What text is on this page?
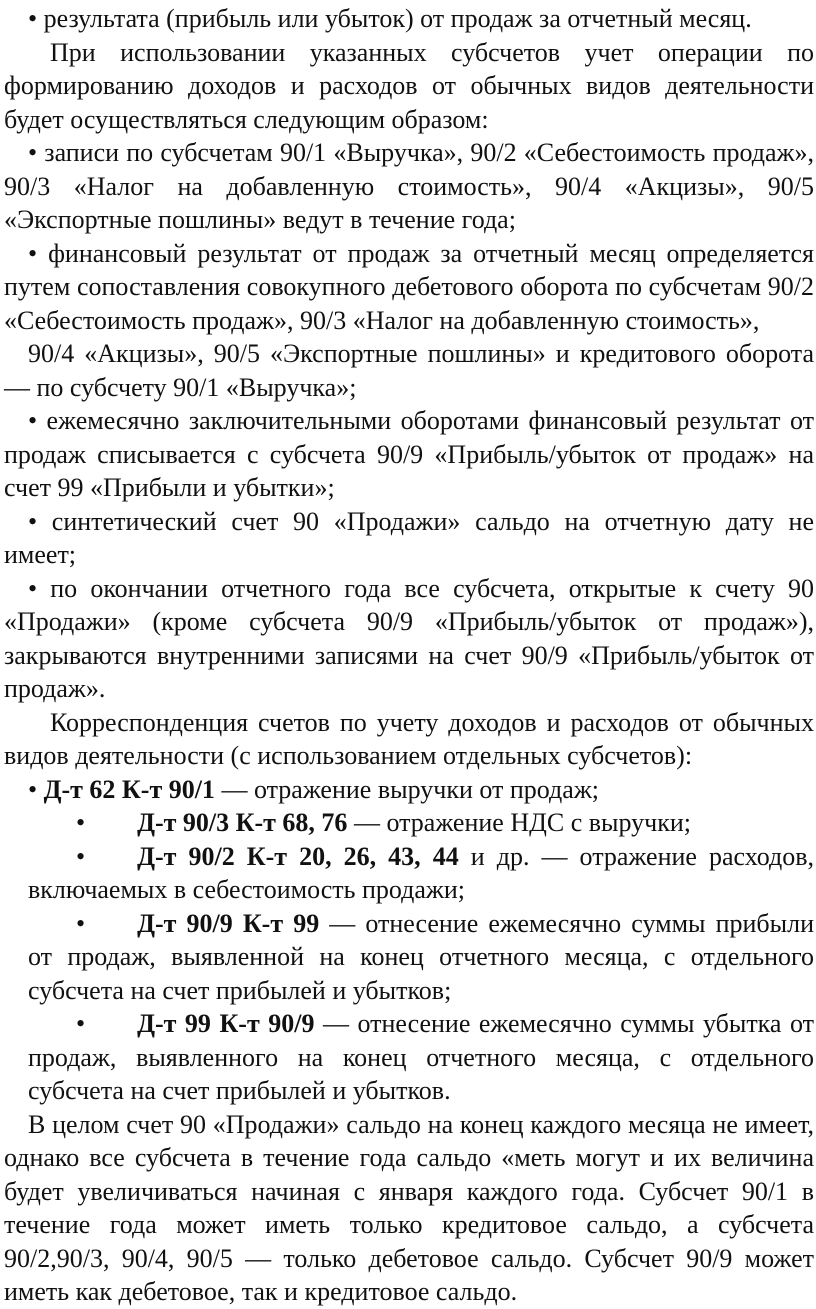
• результата (прибыль или убыток) от продаж за отчетный месяц.

При использовании указанных субсчетов учет операции по формированию доходов и расходов от обычных видов деятельности будет осуществляться следующим образом:

• записи по субсчетам 90/1 «Выручка», 90/2 «Себестоимость продаж», 90/3 «Налог на добавленную стоимость», 90/4 «Акцизы», 90/5 «Экспортные пошлины» ведут в течение года;

• финансовый результат от продаж за отчетный месяц определяется путем сопоставления совокупного дебетового оборота по субсчетам 90/2 «Себестоимость продаж», 90/3 «Налог на добавленную стоимость»,

90/4 «Акцизы», 90/5 «Экспортные пошлины» и кредитового оборота — по субсчету 90/1 «Выручка»;

• ежемесячно заключительными оборотами финансовый результат от продаж списывается с субсчета 90/9 «Прибыль/убыток от продаж» на счет 99 «Прибыли и убытки»;

• синтетический счет 90 «Продажи» сальдо на отчетную дату не имеет;

• по окончании отчетного года все субсчета, открытые к счету 90 «Продажи» (кроме субсчета 90/9 «Прибыль/убыток от продаж»), закрываются внутренними записями на счет 90/9 «Прибыль/убыток от продаж».

Корреспонденция счетов по учету доходов и расходов от обычных видов деятельности (с использованием отдельных субсчетов):

• Д-т 62 К-т 90/1 — отражение выручки от продаж;

• Д-т 90/3 К-т 68, 76 — отражение НДС с выручки;

• Д-т 90/2 К-т 20, 26, 43, 44 и др. — отражение расходов, включаемых в себестоимость продажи;

• Д-т 90/9 К-т 99 — отнесение ежемесячно суммы прибыли от продаж, выявленной на конец отчетного месяца, с отдельного субсчета на счет прибылей и убытков;

• Д-т 99 К-т 90/9 — отнесение ежемесячно суммы убытка от продаж, выявленного на конец отчетного месяца, с отдельного субсчета на счет прибылей и убытков.

В целом счет 90 «Продажи» сальдо на конец каждого месяца не имеет, однако все субсчета в течение года сальдо «меть могут и их величина будет увеличиваться начиная с января каждого года. Субсчет 90/1 в течение года может иметь только кредитовое сальдо, а субсчета 90/2,90/3, 90/4, 90/5 — только дебетовое сальдо. Субсчет 90/9 может иметь как дебетовое, так и кредитовое сальдо.
